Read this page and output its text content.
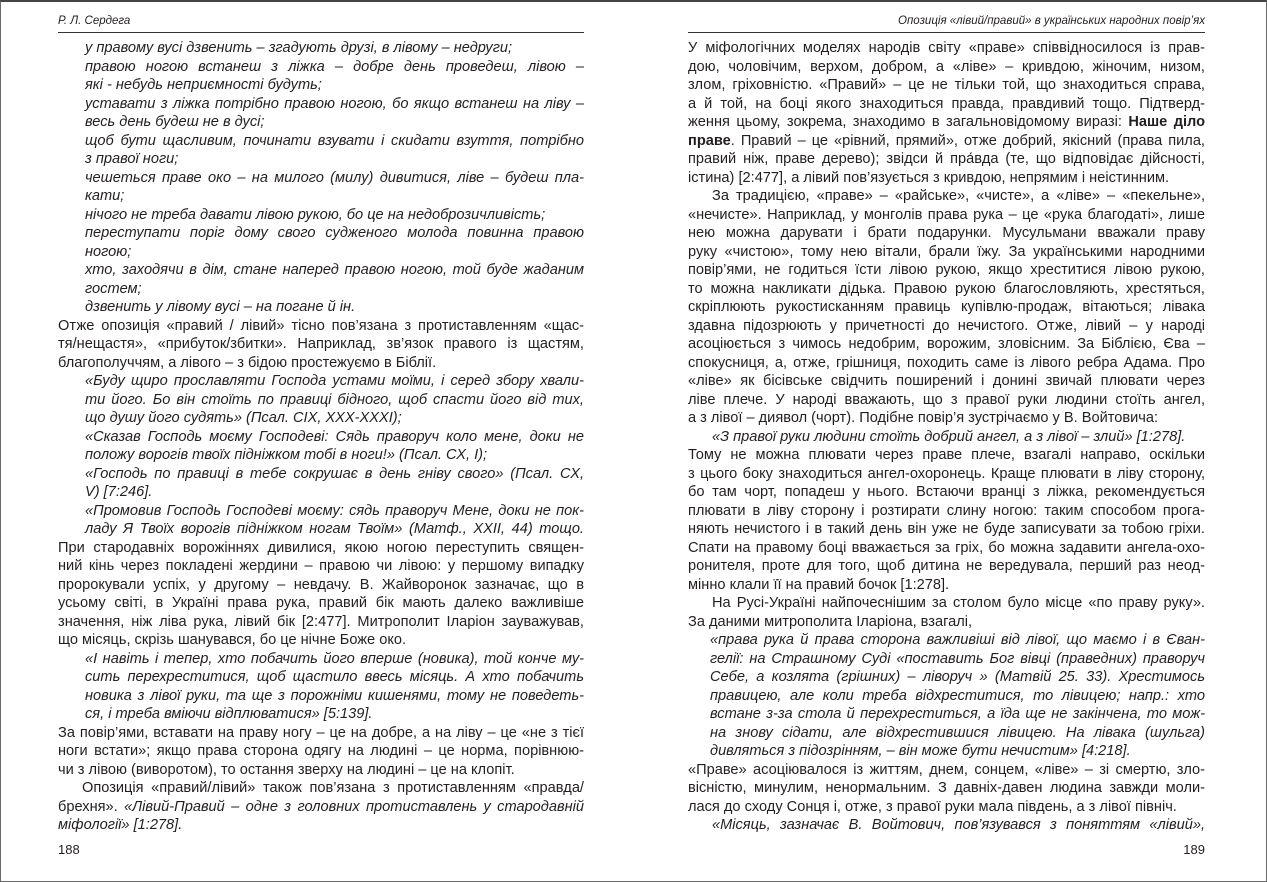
Р. Л. Сердега
у правому вусі дзвенить – згадують друзі, в лівому – недруги;
правою ногою встанеш з ліжка – добре день проведеш, лівою –
які - небудь неприємності будуть;
уставати з ліжка потрібно правою ногою, бо якщо встанеш на ліву –
весь день будеш не в дусі;
щоб бути щасливим, починати взувати і скидати взуття, потрібно
з правої ноги;
чешеться праве око – на милого (милу) дивитися, ліве – будеш пла-
кати;
нічого не треба давати лівою рукою, бо це на недоброзичливість;
переступати поріг дому свого судженого молода повинна правою
ногою;
хто, заходячи в дім, стане наперед правою ногою, той буде жаданим
гостем;
дзвенить у лівому вусі – на погане й ін.
Отже опозиція «правий / лівий» тісно пов’язана з протиставленням «щас-
тя/нещастя», «прибуток/збитки». Наприклад, зв’язок правого із щастям,
благополуччям, а лівого – з бідою простежуємо в Біблії.
«Буду щиро прославляти Господа устами моїми, і серед збору хвали-
ти його. Бо він стоїть по правиці бідного, щоб спасти його від тих,
що душу його судять» (Псал. СІХ, ХХХ-XXXI);
«Сказав Господь моєму Господеві: Сядь праворуч коло мене, доки не
положу ворогів твоїх підніжком тобі в ноги!» (Псал. СХ, І);
«Господь по правиці в тебе сокрушає в день гніву свого» (Псал. СХ,
V) [7:246].
«Промовив Господь Господеві моєму: сядь праворуч Мене, доки не пок-
ладу Я Твоїх ворогів підніжком ногам Твоїм» (Матф., XXII, 44) тощо.
При стародавніх ворожіннях дивилися, якою ногою переступить священ-
ний кінь через покладені жердини – правою чи лівою: у першому випадку
пророкували успіх, у другому – невдачу. В. Жайворонок зазначає, що в
усьому світі, в Україні права рука, правий бік мають далеко важливіше
значення, ніж ліва рука, лівий бік [2:477]. Митрополит Іларіон зауважував,
що місяць, скрізь шанувався, бо це нічне Боже око.
«І навіть і тепер, хто побачить його вперше (новика), той конче му-
сить перехреститися, щоб щастило ввесь місяць. А хто побачить
новика з лівої руки, та ще з порожніми кишенями, тому не поведеть-
ся, і треба вміючи відплюватися» [5:139].
За повір’ями, вставати на праву ногу – це на добре, а на ліву – це «не з тієї
ноги встати»; якщо права сторона одягу на людині – це норма, порівнюю-
чи з лівою (виворотом), то остання зверху на людині – це на клопіт.
Опозиція «правий/лівий» також пов’язана з протиставленням «правда/
брехня». «Лівий-Правий – одне з головних протиставлень у стародавній
міфології» [1:278].
188
Опозиція «лівий/правий» в українських народних повір’ях
У міфологічних моделях народів світу «праве» співвідносилося із прав-
дою, чоловічим, верхом, добром, а «ліве» – кривдою, жіночим, низом,
злом, гріховністю. «Правий» – це не тільки той, що знаходиться справа,
а й той, на боці якого знаходиться правда, правдивий тощо. Підтверд-
ження цьому, зокрема, знаходимо в загальновідомому виразі: Наше діло
праве. Правий – це «рівний, прямий», отже добрий, якісний (права пила,
правий ніж, праве дерево); звідси й пра́вда (те, що відповідає дійсності,
істина) [2:477], а лівий пов’язується з кривдою, непрямим і неістинним.
За традицією, «праве» – «райське», «чисте», а «ліве» – «пекельне»,
«нечисте». Наприклад, у монголів права рука – це «рука благодаті», лише
нею можна дарувати і брати подарунки. Мусульмани вважали праву
руку «чистою», тому нею вітали, брали їжу. За українськими народними
повір’ями, не годиться їсти лівою рукою, якщо хреститися лівою рукою,
то можна накликати дідька. Правою рукою благословляють, хрестяться,
скріплюють рукостисканням правиць купівлю-продаж, вітаються; лівака
здавна підозрюють у причетності до нечистого. Отже, лівий – у народі
асоціюється з чимось недобрим, ворожим, зловісним. За Біблією, Єва –
спокусниця, а, отже, грішниця, походить саме із лівого ребра Адама. Про
«ліве» як бісівське свідчить поширений і донині звичай плювати через
ліве плече. У народі вважають, що з правої руки людини стоїть ангел,
а з лівої – диявол (чорт). Подібне повір’я зустрічаємо у В. Войтовича:
«З правої руки людини стоїть добрий ангел, а з лівої – злий» [1:278].
Тому не можна плювати через праве плече, взагалі направо, оскільки
з цього боку знаходиться ангел-охоронець. Краще плювати в ліву сторону,
бо там чорт, попадеш у нього. Встаючи вранці з ліжка, рекомендується
плювати в ліву сторону і розтирати слину ногою: таким способом прога-
няють нечистого і в такий день він уже не буде записувати за тобою гріхи.
Спати на правому боці вважається за гріх, бо можна задавити ангела-охо-
ронителя, проте для того, щоб дитина не вередувала, перший раз неод-
мінно клали її на правий бочок [1:278].
На Русі-Україні найпочеснішим за столом було місце «по праву руку».
За даними митрополита Іларіона, взагалі,
«права рука й права сторона важливіші від лівої, що маємо і в Єван-
гелії: на Страшному Суді «поставить Бог вівці (праведних) праворуч
Себе, а козлята (грішних) – ліворуч » (Матвій 25. 33). Хрестимось
правицею, але коли треба відхреститися, то лівицею; напр.: хто
встане з-за стола й перехреститься, а їда ще не закінчена, то мож-
на знову сідати, але відхрестившися лівицею. На лівака (шульга)
дивляться з підозрінням, – він може бути нечистим» [4:218].
«Праве» асоціювалося із життям, днем, сонцем, «ліве» – зі смертю, зло-
вісністю, минулим, ненормальним. З давніх-давен людина завжди моли-
лася до сходу Сонця і, отже, з правої руки мала південь, а з лівої північ.
«Місяць, зазначає В. Войтович, пов’язувався з поняттям «лівий»,
189
